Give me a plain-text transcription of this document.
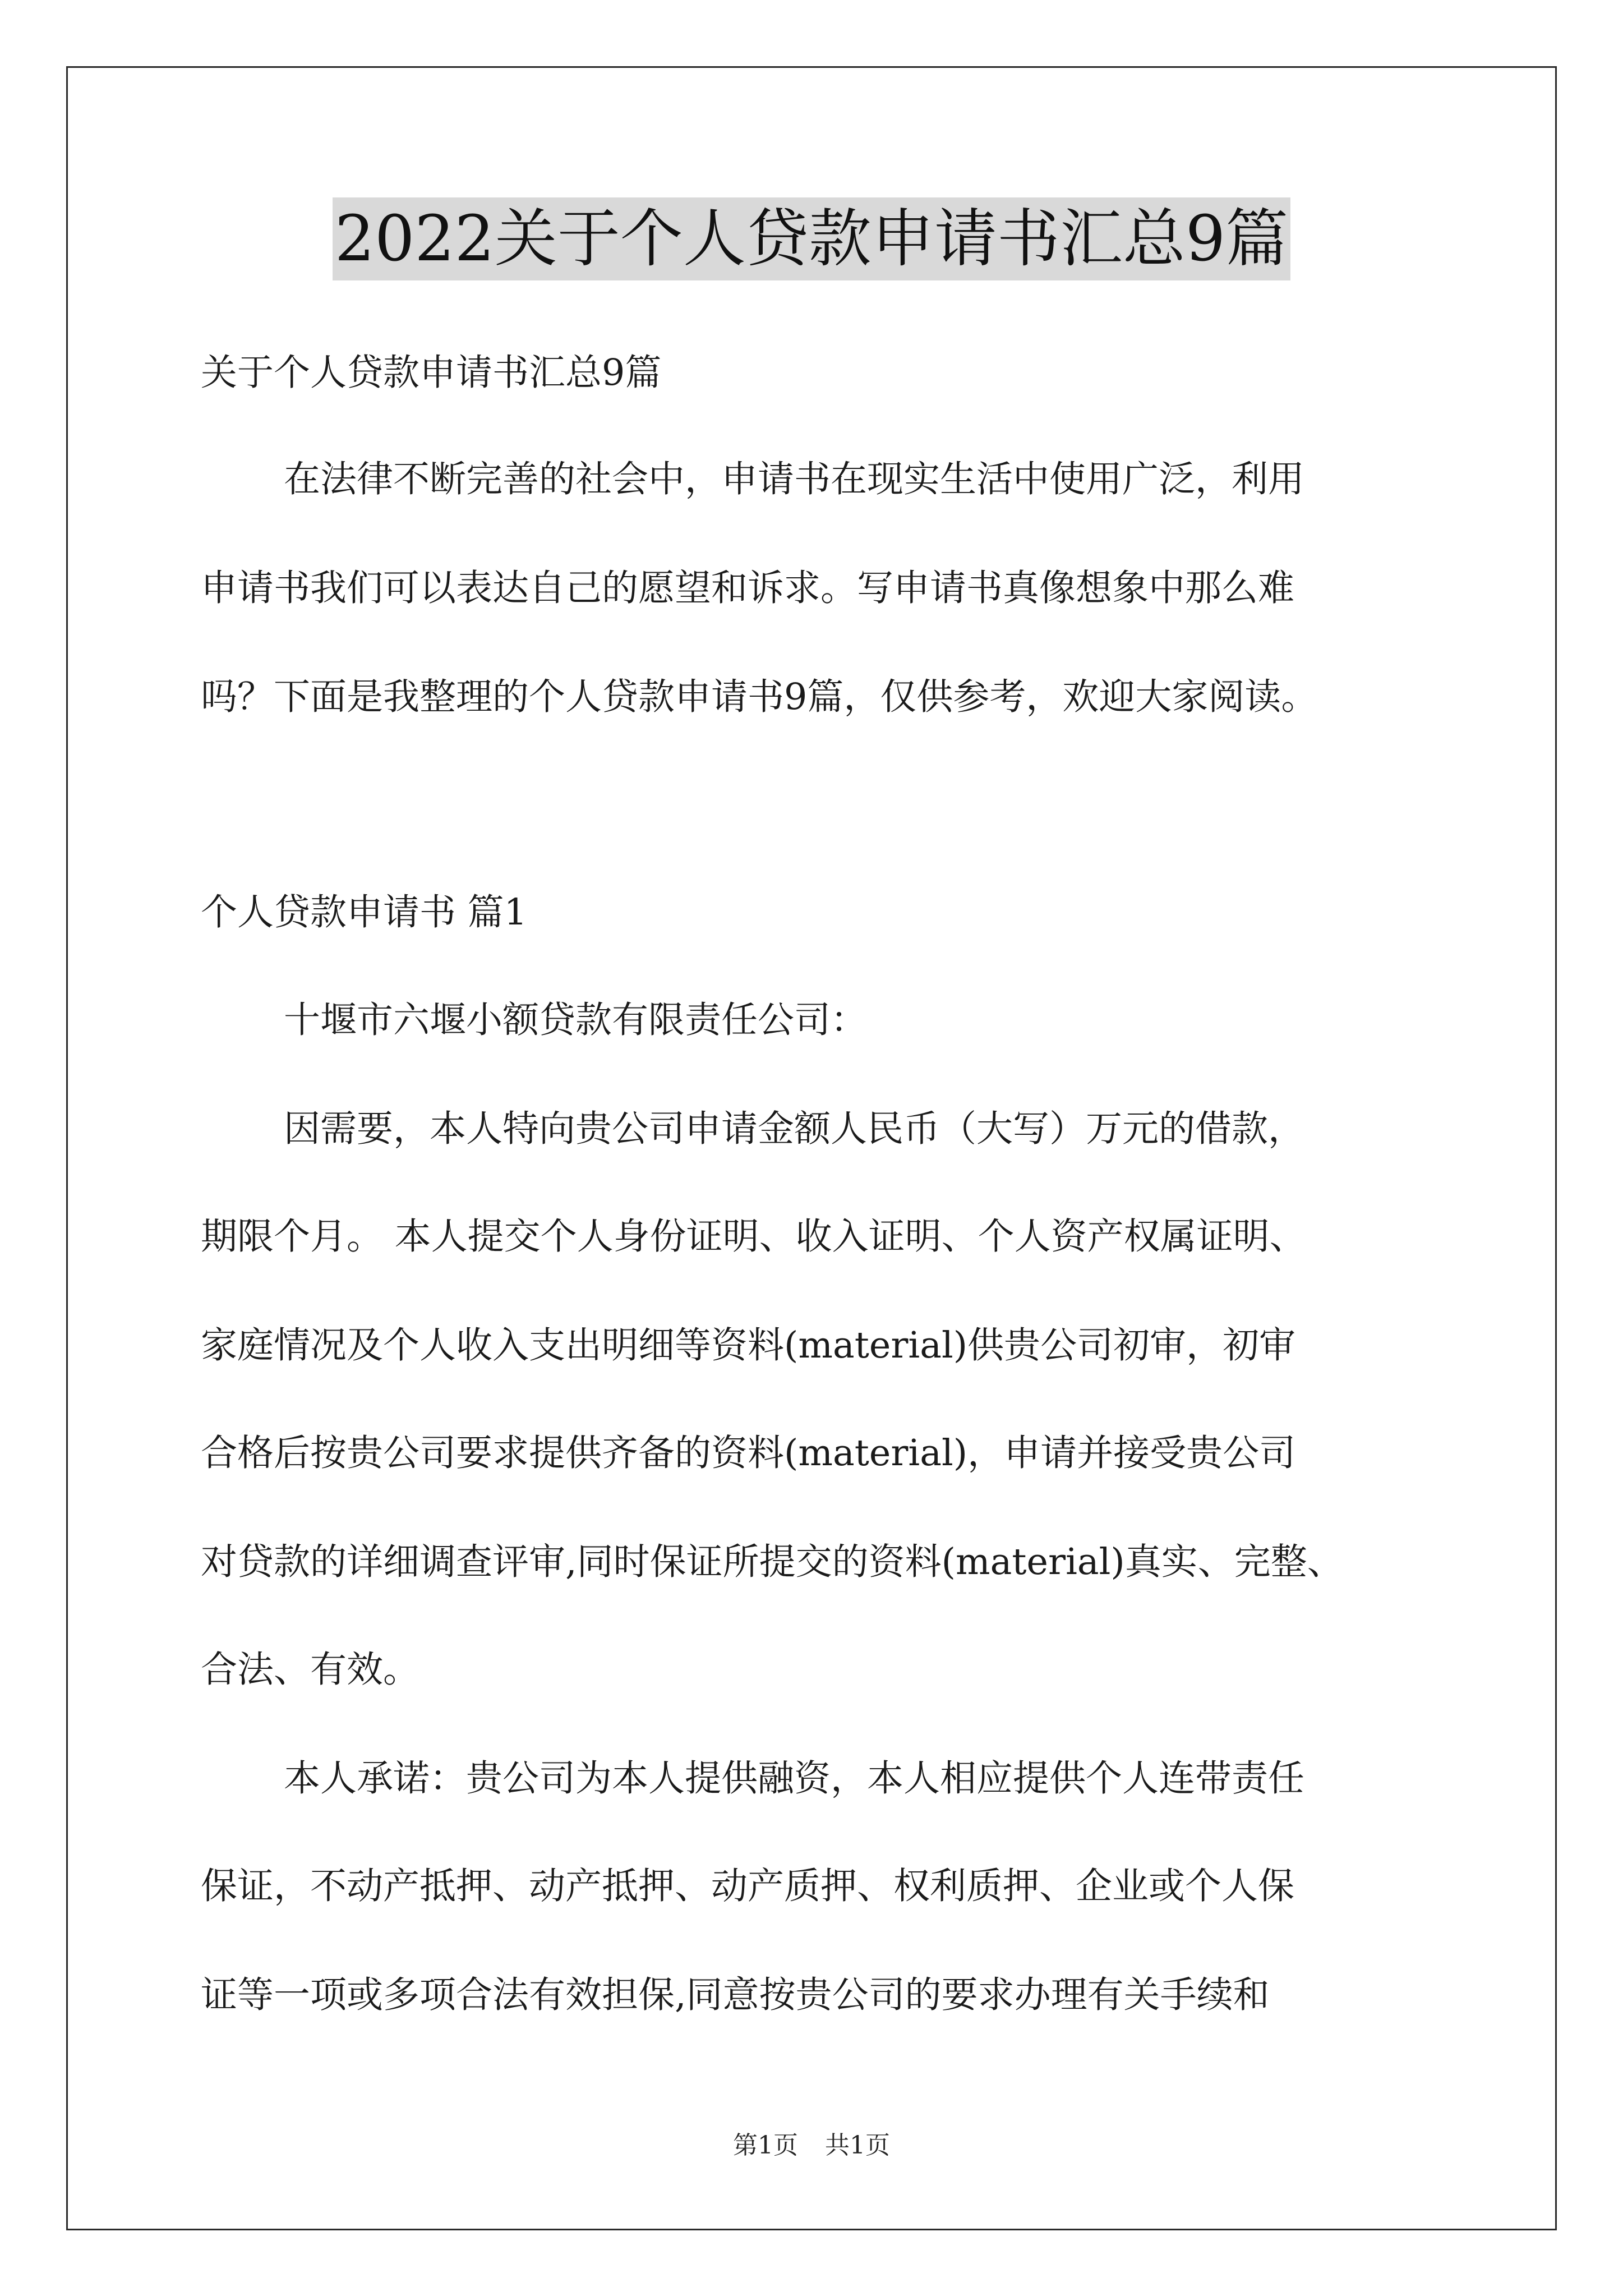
2022关于个人贷款申请书汇总9篇
关于个人贷款申请书汇总9篇
在法律不断完善的社会中，申请书在现实生活中使用广泛，利用
申请书我们可以表达自己的愿望和诉求。写申请书真像想象中那么难
吗？下面是我整理的个人贷款申请书9篇，仅供参考，欢迎大家阅读。
个人贷款申请书 篇1
十堰市六堰小额贷款有限责任公司：
因需要，本人特向贵公司申请金额人民币（大写）万元的借款，
期限个月。 本人提交个人身份证明、收入证明、个人资产权属证明、
家庭情况及个人收入支出明细等资料(material)供贵公司初审，初审
合格后按贵公司要求提供齐备的资料(material)，申请并接受贵公司
对贷款的详细调查评审,同时保证所提交的资料(material)真实、完整、
合法、有效。
本人承诺：贵公司为本人提供融资，本人相应提供个人连带责任
保证，不动产抵押、动产抵押、动产质押、权利质押、企业或个人保
证等一项或多项合法有效担保,同意按贵公司的要求办理有关手续和
第1页 共1页
